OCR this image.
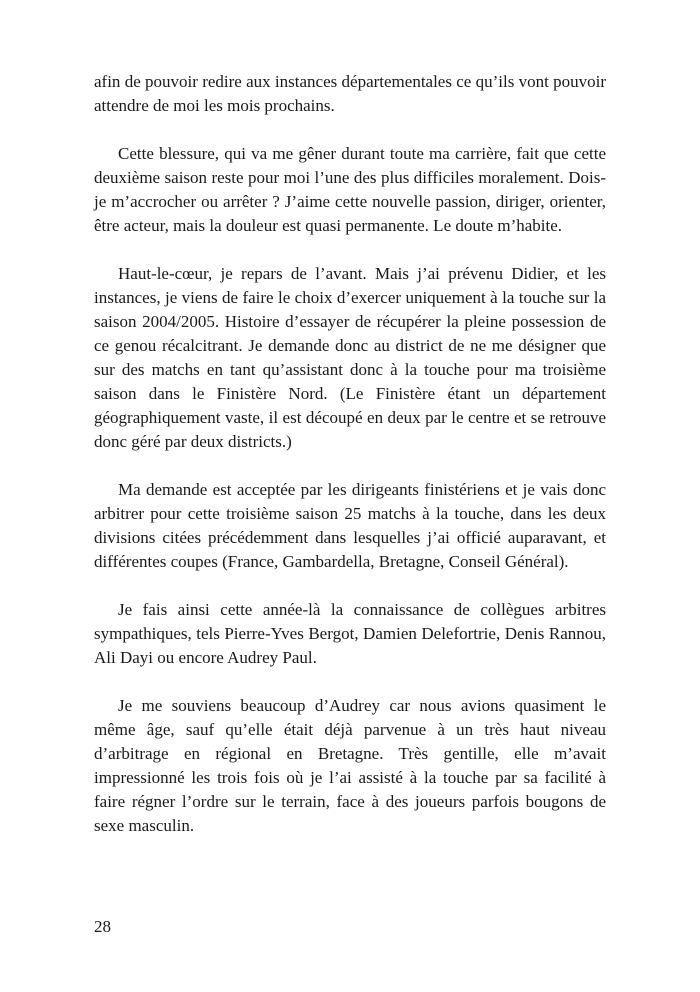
afin de pouvoir redire aux instances départementales ce qu’ils vont pouvoir attendre de moi les mois prochains.

Cette blessure, qui va me gêner durant toute ma carrière, fait que cette deuxième saison reste pour moi l’une des plus difficiles moralement. Dois-je m’accrocher ou arrêter ? J’aime cette nouvelle passion, diriger, orienter, être acteur, mais la douleur est quasi permanente. Le doute m’habite.

Haut-le-cœur, je repars de l’avant. Mais j’ai prévenu Didier, et les instances, je viens de faire le choix d’exercer uniquement à la touche sur la saison 2004/2005. Histoire d’essayer de récupérer la pleine possession de ce genou récalcitrant. Je demande donc au district de ne me désigner que sur des matchs en tant qu’assistant donc à la touche pour ma troisième saison dans le Finistère Nord. (Le Finistère étant un département géographiquement vaste, il est découpé en deux par le centre et se retrouve donc géré par deux districts.)

Ma demande est acceptée par les dirigeants finistériens et je vais donc arbitrer pour cette troisième saison 25 matchs à la touche, dans les deux divisions citées précédemment dans lesquelles j’ai officié auparavant, et différentes coupes (France, Gambardella, Bretagne, Conseil Général).

Je fais ainsi cette année-là la connaissance de collègues arbitres sympathiques, tels Pierre-Yves Bergot, Damien Delefortrie, Denis Rannou, Ali Dayi ou encore Audrey Paul.

Je me souviens beaucoup d’Audrey car nous avions quasiment le même âge, sauf qu’elle était déjà parvenue à un très haut niveau d’arbitrage en régional en Bretagne. Très gentille, elle m’avait impressionné les trois fois où je l’ai assisté à la touche par sa facilité à faire régner l’ordre sur le terrain, face à des joueurs parfois bougons de sexe masculin.

28
